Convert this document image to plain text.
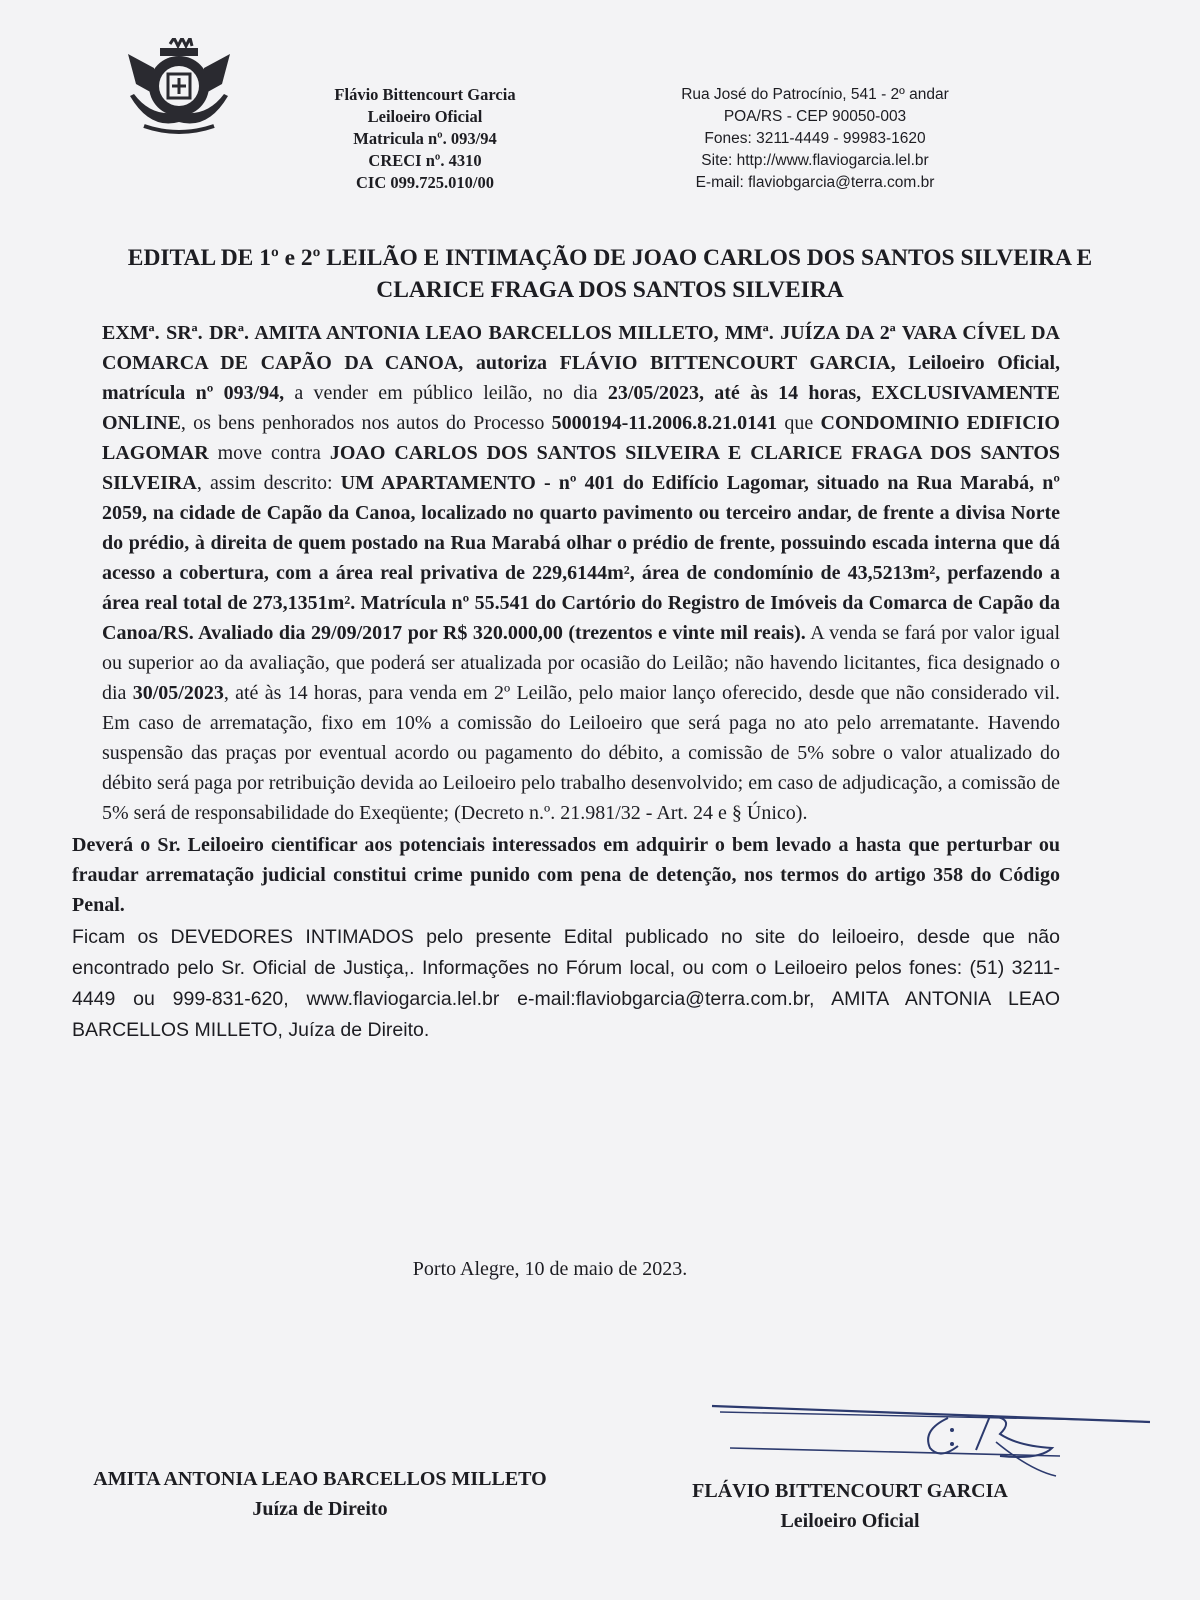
Flávio Bittencourt Garcia
Leiloeiro Oficial
Matricula nº. 093/94
CRECI nº. 4310
CIC 099.725.010/00
Rua José do Patrocínio, 541 - 2º andar
POA/RS - CEP 90050-003
Fones: 3211-4449 - 99983-1620
Site: http://www.flaviogarcia.lel.br
E-mail: flaviobgarcia@terra.com.br
EDITAL DE 1º e 2º LEILÃO E INTIMAÇÃO DE JOAO CARLOS DOS SANTOS SILVEIRA E CLARICE FRAGA DOS SANTOS SILVEIRA

EXMª. SRª. DRª. AMITA ANTONIA LEAO BARCELLOS MILLETO, MMª. JUÍZA DA 2ª VARA CÍVEL DA COMARCA DE CAPÃO DA CANOA, autoriza FLÁVIO BITTENCOURT GARCIA, Leiloeiro Oficial, matrícula nº 093/94, a vender em público leilão, no dia 23/05/2023, até às 14 horas, EXCLUSIVAMENTE ONLINE, os bens penhorados nos autos do Processo 5000194-11.2006.8.21.0141 que CONDOMINIO EDIFICIO LAGOMAR move contra JOAO CARLOS DOS SANTOS SILVEIRA E CLARICE FRAGA DOS SANTOS SILVEIRA, assim descrito: UM APARTAMENTO - nº 401 do Edifício Lagomar, situado na Rua Marabá, nº 2059, na cidade de Capão da Canoa, localizado no quarto pavimento ou terceiro andar, de frente a divisa Norte do prédio, à direita de quem postado na Rua Marabá olhar o prédio de frente, possuindo escada interna que dá acesso a cobertura, com a área real privativa de 229,6144m², área de condomínio de 43,5213m², perfazendo a área real total de 273,1351m². Matrícula nº 55.541 do Cartório do Registro de Imóveis da Comarca de Capão da Canoa/RS. Avaliado dia 29/09/2017 por R$ 320.000,00 (trezentos e vinte mil reais). A venda se fará por valor igual ou superior ao da avaliação, que poderá ser atualizada por ocasião do Leilão; não havendo licitantes, fica designado o dia 30/05/2023, até às 14 horas, para venda em 2º Leilão, pelo maior lanço oferecido, desde que não considerado vil. Em caso de arrematação, fixo em 10% a comissão do Leiloeiro que será paga no ato pelo arrematante. Havendo suspensão das praças por eventual acordo ou pagamento do débito, a comissão de 5% sobre o valor atualizado do débito será paga por retribuição devida ao Leiloeiro pelo trabalho desenvolvido; em caso de adjudicação, a comissão de 5% será de responsabilidade do Exeqüente; (Decreto n.º. 21.981/32 - Art. 24 e § Único).

Deverá o Sr. Leiloeiro cientificar aos potenciais interessados em adquirir o bem levado a hasta que perturbar ou fraudar arrematação judicial constitui crime punido com pena de detenção, nos termos do artigo 358 do Código Penal.

Ficam os DEVEDORES INTIMADOS pelo presente Edital publicado no site do leiloeiro, desde que não encontrado pelo Sr. Oficial de Justiça,. Informações no Fórum local, ou com o Leiloeiro pelos fones: (51) 3211-4449 ou 999-831-620, www.flaviogarcia.lel.br e-mail:flaviobgarcia@terra.com.br, AMITA ANTONIA LEAO BARCELLOS MILLETO, Juíza de Direito.

Porto Alegre, 10 de maio de 2023.
AMITA ANTONIA LEAO BARCELLOS MILLETO
Juíza de Direito
FLÁVIO BITTENCOURT GARCIA
Leiloeiro Oficial
